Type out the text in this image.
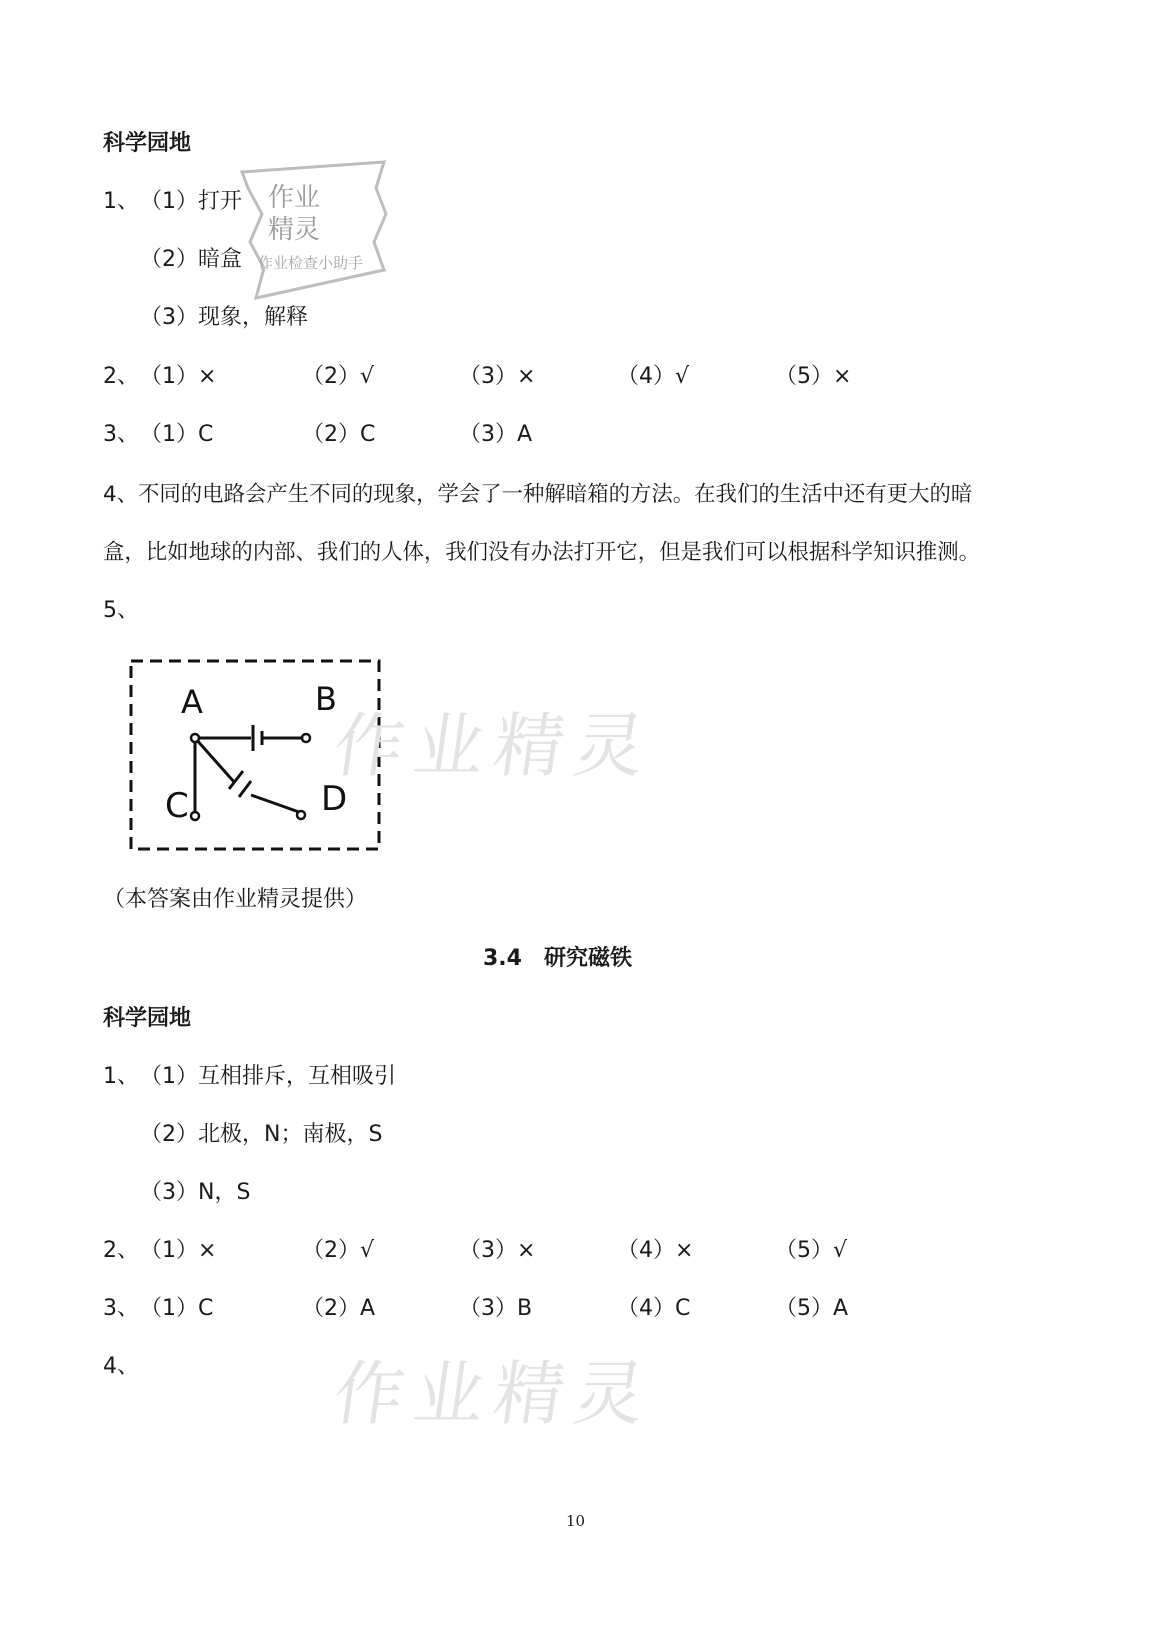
科学园地
1、 （1）打开
（2）暗盒
（3）现象，解释
2、 （1）×	（2）√	（3）×	（4）√	（5）×
3、 （1）C	（2）C	（3）A
4、不同的电路会产生不同的现象，学会了一种解暗箱的方法。在我们的生活中还有更大的暗
盒，比如地球的内部、我们的人体，我们没有办法打开它，但是我们可以根据科学知识推测。
5、
A	B
C	D
（本答案由作业精灵提供）
3.4　研究磁铁
科学园地
1、 （1）互相排斥，互相吸引
（2）北极，N；南极，S
（3）N，S
2、 （1）×	（2）√	（3）×	（4）×	（5）√
3、 （1）C	（2）A	（3）B	（4）C	（5）A
4、
作业
精灵
作业检查小助手
作业精灵
作业精灵
10
